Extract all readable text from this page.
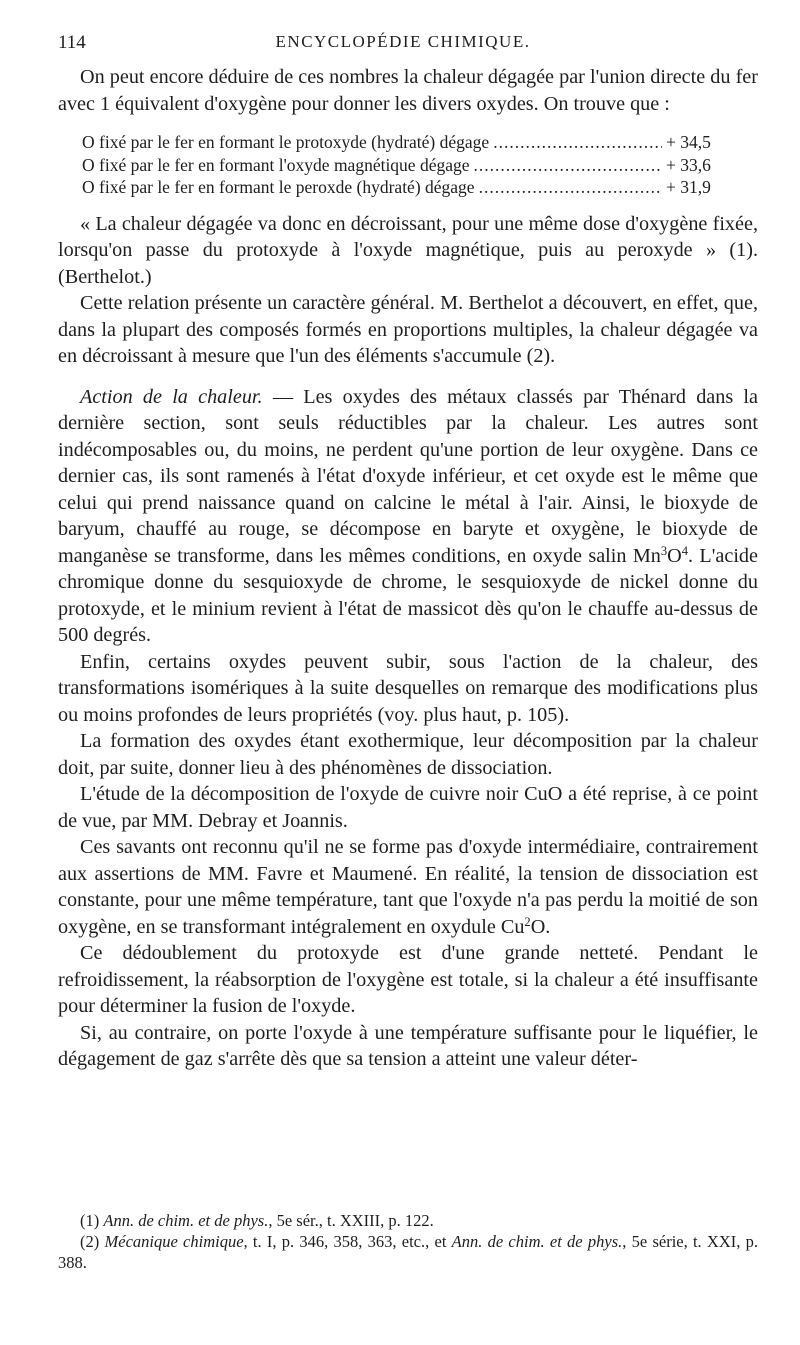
114	ENCYCLOPÉDIE CHIMIQUE.

On peut encore déduire de ces nombres la chaleur dégagée par l'union directe du fer avec 1 équivalent d'oxygène pour donner les divers oxydes. On trouve que :

O fixé par le fer en formant le protoxyde (hydraté) dégage .....	+ 34,5
O fixé par le fer en formant l'oxyde magnétique dégage .....	+ 33,6
O fixé par le fer en formant le peroxde (hydraté) dégage .....	+ 31,9

« La chaleur dégagée va donc en décroissant, pour une même dose d'oxygène fixée, lorsqu'on passe du protoxyde à l'oxyde magnétique, puis au peroxyde » (1). (Berthelot.)

Cette relation présente un caractère général. M. Berthelot a découvert, en effet, que, dans la plupart des composés formés en proportions multiples, la chaleur dégagée va en décroissant à mesure que l'un des éléments s'accumule (2).

Action de la chaleur. — Les oxydes des métaux classés par Thénard dans la dernière section, sont seuls réductibles par la chaleur. Les autres sont indécomposables ou, du moins, ne perdent qu'une portion de leur oxygène. Dans ce dernier cas, ils sont ramenés à l'état d'oxyde inférieur, et cet oxyde est le même que celui qui prend naissance quand on calcine le métal à l'air. Ainsi, le bioxyde de baryum, chauffé au rouge, se décompose en baryte et oxygène, le bioxyde de manganèse se transforme, dans les mêmes conditions, en oxyde salin $Mn^3O^4$. L'acide chromique donne du sesquioxyde de chrome, le sesquioxyde de nickel donne du protoxyde, et le minium revient à l'état de massicot dès qu'on le chauffe au-dessus de 500 degrés.

Enfin, certains oxydes peuvent subir, sous l'action de la chaleur, des transformations isomériques à la suite desquelles on remarque des modifications plus ou moins profondes de leurs propriétés (voy. plus haut, p. 105).

La formation des oxydes étant exothermique, leur décomposition par la chaleur doit, par suite, donner lieu à des phénomènes de dissociation.

L'étude de la décomposition de l'oxyde de cuivre noir CuO a été reprise, à ce point de vue, par MM. Debray et Joannis.

Ces savants ont reconnu qu'il ne se forme pas d'oxyde intermédiaire, contrairement aux assertions de MM. Favre et Maumené. En réalité, la tension de dissociation est constante, pour une même température, tant que l'oxyde n'a pas perdu la moitié de son oxygène, en se transformant intégralement en oxydule Cu$^2$O.

Ce dédoublement du protoxyde est d'une grande netteté. Pendant le refroidissement, la réabsorption de l'oxygène est totale, si la chaleur a été insuffisante pour déterminer la fusion de l'oxyde.

Si, au contraire, on porte l'oxyde à une température suffisante pour le liquéfier, le dégagement de gaz s'arrête dès que sa tension a atteint une valeur déter-

(1) Ann. de chim. et de phys., 5e sér., t. XXIII, p. 122.

(2) Mécanique chimique, t. I, p. 346, 358, 363, etc., et Ann. de chim. et de phys., 5e série, t. XXI, p. 388.
